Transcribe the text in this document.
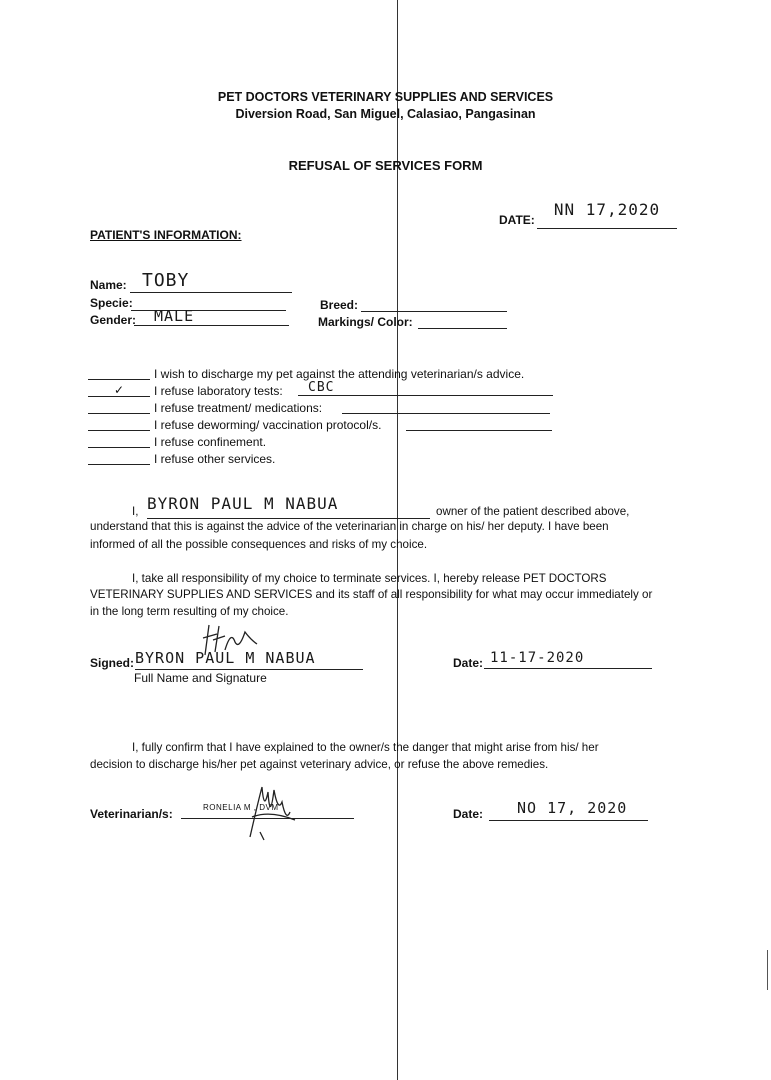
PET DOCTORS VETERINARY SUPPLIES AND SERVICES
Diversion Road, San Miguel, Calasiao, Pangasinan
REFUSAL OF SERVICES FORM
DATE:
NN 17,2020
PATIENT'S INFORMATION:
Name: TOBY
Specie:
Gender:	MALE
Breed:
Markings/ Color:
I wish to discharge my pet against the attending veterinarian/s advice.
✓	I refuse laboratory tests:	CBC
I refuse treatment/ medications:
I refuse deworming/ vaccination protocol/s.
I refuse confinement.
I refuse other services.
I, BYRON PAUL M NABUA	owner of the patient described above,
understand that this is against the advice of the veterinarian in charge on his/ her deputy. I have been
informed of all the possible consequences and risks of my choice.
I, take all responsibility of my choice to terminate services. I, hereby release PET DOCTORS
VETERINARY SUPPLIES AND SERVICES and its staff of all responsibility for what may occur immediately or
in the long term resulting of my choice.
Signed: BYRON PAUL M NABUA
Full Name and Signature
Date: 11-17-2020
I, fully confirm that I have explained to the owner/s the danger that might arise from his/ her
decision to discharge his/her pet against veterinary advice, or refuse the above remedies.
Veterinarian/s:	RONELIA M , DVM	Date:	NO 17, 2020
